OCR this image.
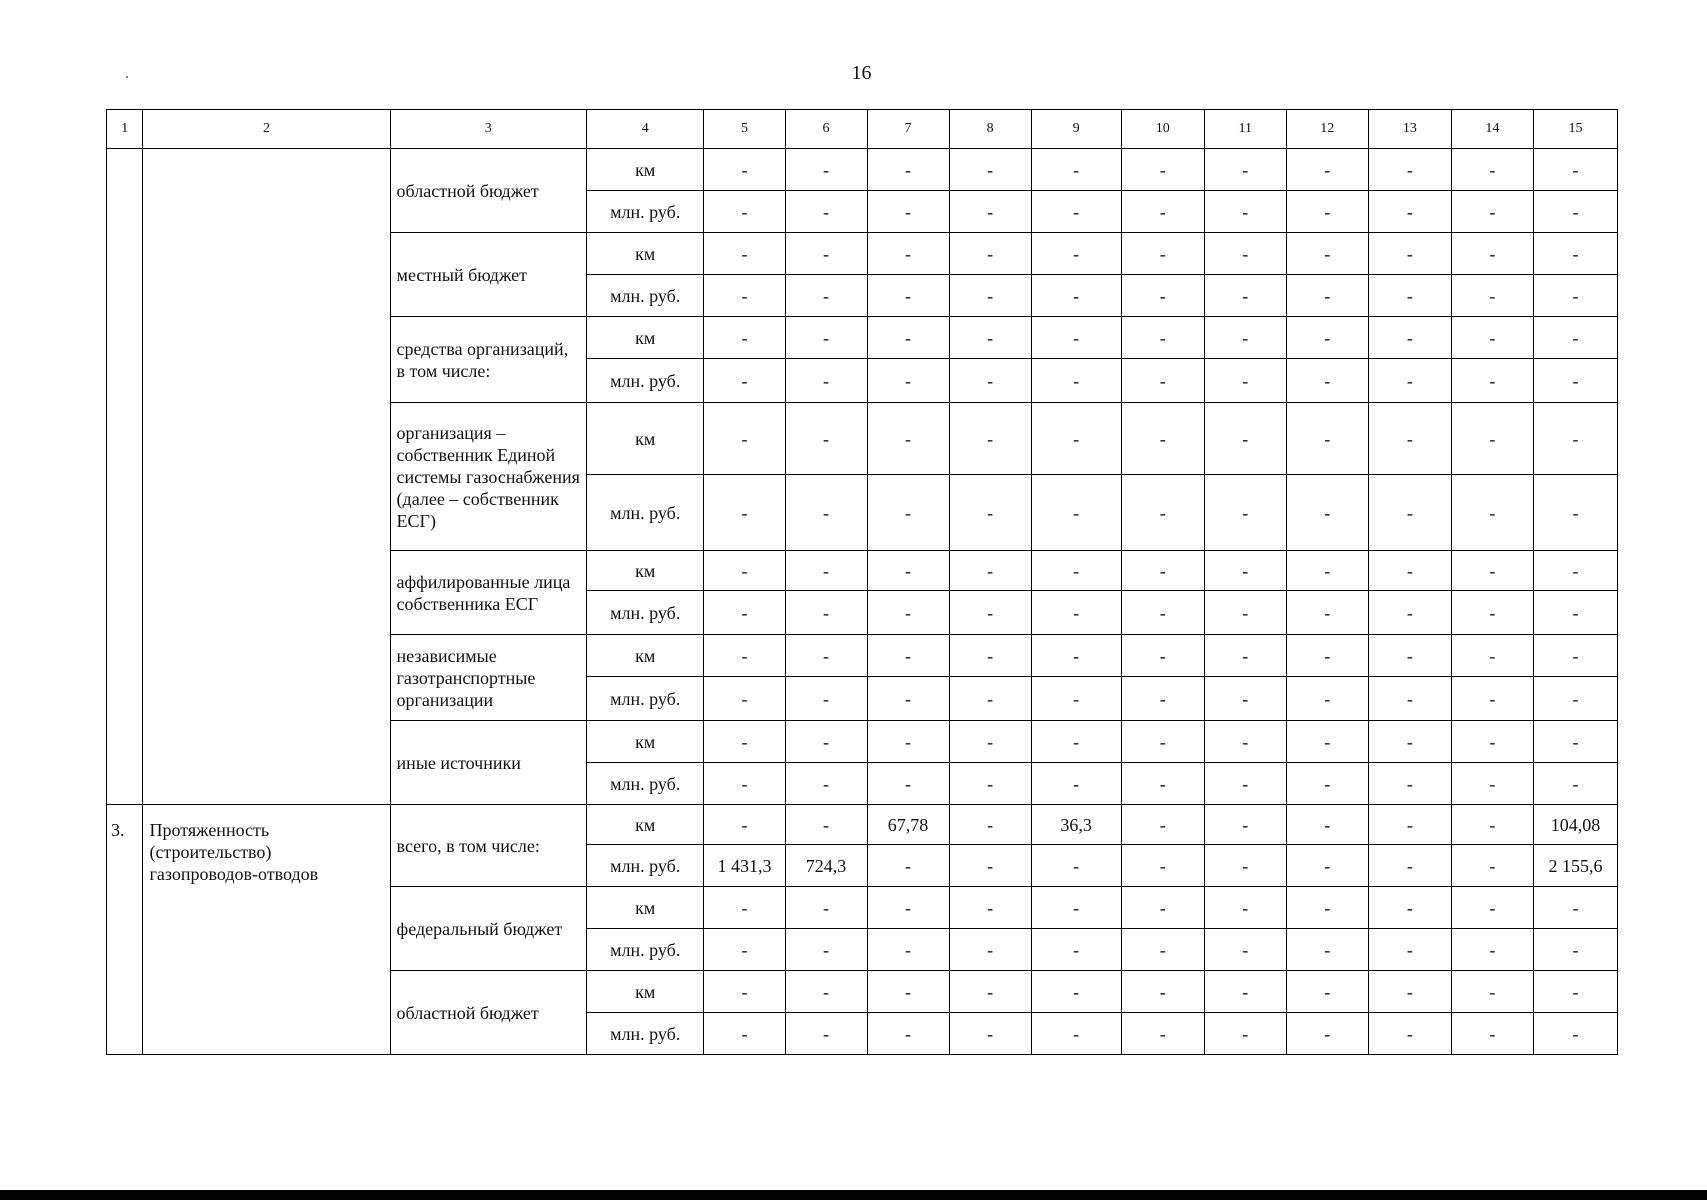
16
1	2	3	4	5	6	7	8	9	10	11	12	13	14	15
		областной бюджет	км	-	-	-	-	-	-	-	-	-	-	-
			млн. руб.	-	-	-	-	-	-	-	-	-	-	-
		местный бюджет	км	-	-	-	-	-	-	-	-	-	-	-
			млн. руб.	-	-	-	-	-	-	-	-	-	-	-
		средства организаций, в том числе:	км	-	-	-	-	-	-	-	-	-	-	-
			млн. руб.	-	-	-	-	-	-	-	-	-	-	-
		организация – собственник Единой системы газоснабжения (далее – собственник ЕСГ)	км	-	-	-	-	-	-	-	-	-	-	-
			млн. руб.	-	-	-	-	-	-	-	-	-	-	-
		аффилированные лица собственника ЕСГ	км	-	-	-	-	-	-	-	-	-	-	-
			млн. руб.	-	-	-	-	-	-	-	-	-	-	-
		независимые газотранспортные организации	км	-	-	-	-	-	-	-	-	-	-	-
			млн. руб.	-	-	-	-	-	-	-	-	-	-	-
		иные источники	км	-	-	-	-	-	-	-	-	-	-	-
			млн. руб.	-	-	-	-	-	-	-	-	-	-	-
3.	Протяженность (строительство) газопроводов-отводов	всего, в том числе:	км	-	-	67,78	-	36,3	-	-	-	-	-	104,08
			млн. руб.	1 431,3	724,3	-	-	-	-	-	-	-	-	2 155,6
		федеральный бюджет	км	-	-	-	-	-	-	-	-	-	-	-
			млн. руб.	-	-	-	-	-	-	-	-	-	-	-
		областной бюджет	км	-	-	-	-	-	-	-	-	-	-	-
			млн. руб.	-	-	-	-	-	-	-	-	-	-	-
